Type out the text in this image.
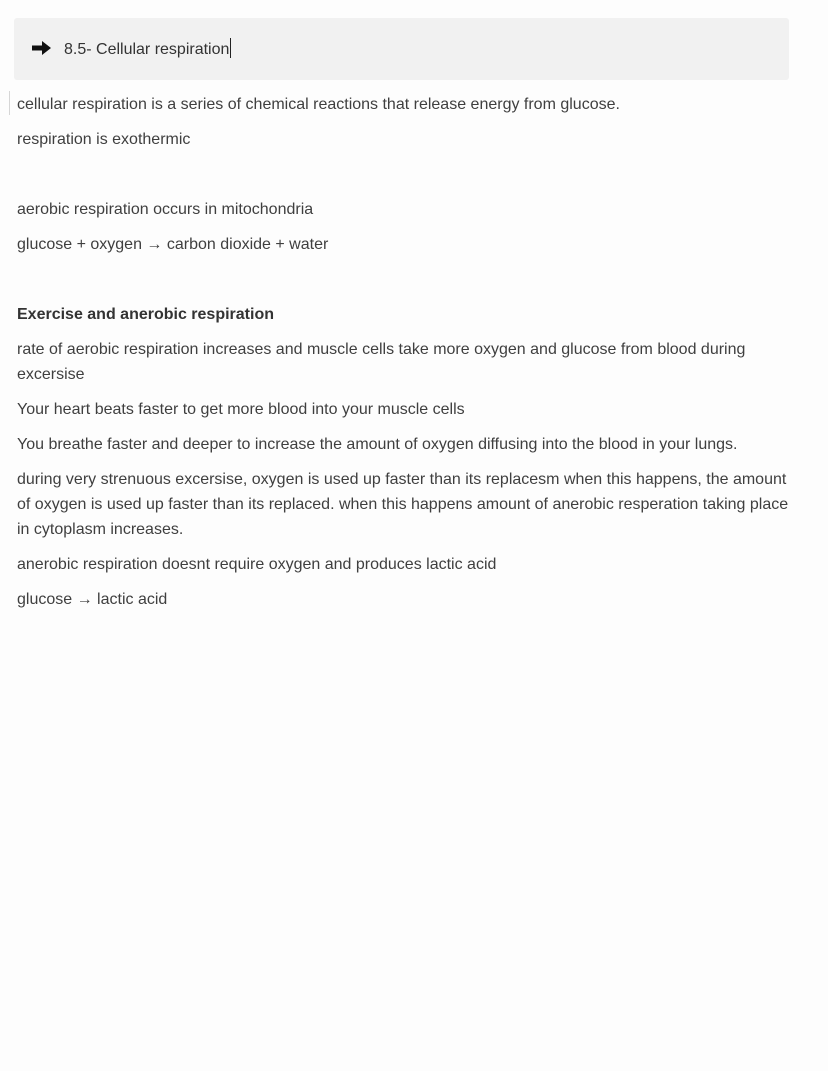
8.5- Cellular respiration

cellular respiration is a series of chemical reactions that release energy from glucose.

respiration is exothermic

aerobic respiration occurs in mitochondria

glucose + oxygen → carbon dioxide + water

Exercise and anerobic respiration

rate of aerobic respiration increases and muscle cells take more oxygen and glucose from blood during excersise

Your heart beats faster to get more blood into your muscle cells

You breathe faster and deeper to increase the amount of oxygen diffusing into the blood in your lungs.

during very strenuous excersise, oxygen is used up faster than its replacesm when this happens, the amount of oxygen is used up faster than its replaced. when this happens amount of anerobic resperation taking place in cytoplasm increases.

anerobic respiration doesnt require oxygen and produces lactic acid

glucose → lactic acid
